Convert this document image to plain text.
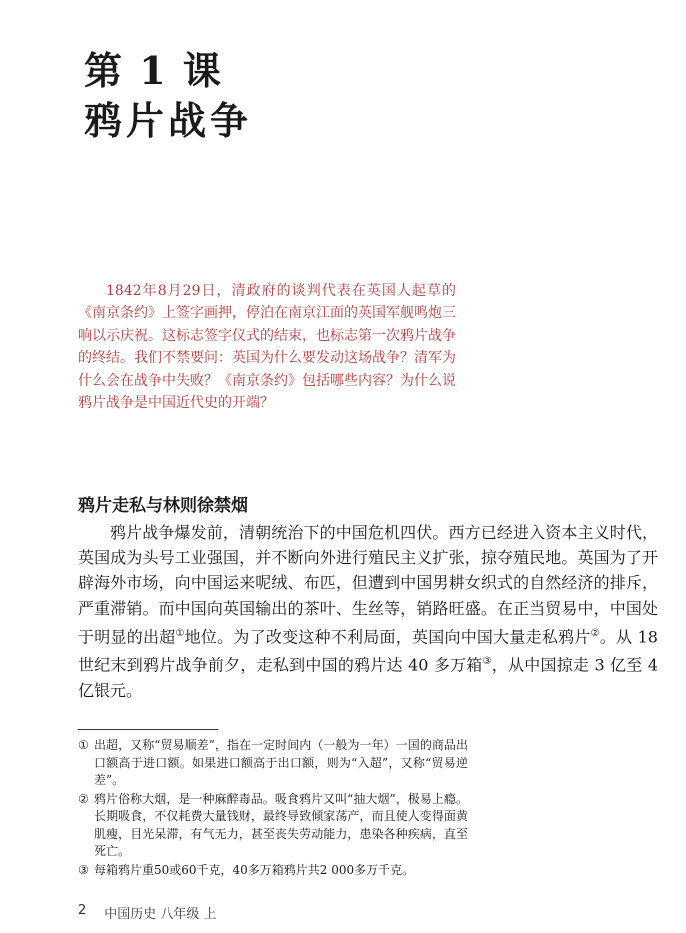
第 1 课
鸦片战争

1842年8月29日，清政府的谈判代表在英国人起草的《南京条约》上签字画押，停泊在南京江面的英国军舰鸣炮三响以示庆祝。这标志签字仪式的结束，也标志第一次鸦片战争的终结。我们不禁要问：英国为什么要发动这场战争？清军为什么会在战争中失败？《南京条约》包括哪些内容？为什么说鸦片战争是中国近代史的开端？

鸦片走私与林则徐禁烟

鸦片战争爆发前，清朝统治下的中国危机四伏。西方已经进入资本主义时代，英国成为头号工业强国，并不断向外进行殖民主义扩张，掠夺殖民地。英国为了开辟海外市场，向中国运来呢绒、布匹，但遭到中国男耕女织式的自然经济的排斥，严重滞销。而中国向英国输出的茶叶、生丝等，销路旺盛。在正当贸易中，中国处于明显的出超①地位。为了改变这种不利局面，英国向中国大量走私鸦片②。从 18 世纪末到鸦片战争前夕，走私到中国的鸦片达 40 多万箱③，从中国掠走 3 亿至 4 亿银元。

① 出超，又称“贸易顺差”，指在一定时间内（一般为一年）一国的商品出口额高于进口额。如果进口额高于出口额，则为“入超”，又称“贸易逆差”。
② 鸦片俗称大烟，是一种麻醉毒品。吸食鸦片又叫“抽大烟”，极易上瘾。长期吸食，不仅耗费大量钱财，最终导致倾家荡产，而且使人变得面黄肌瘦，目光呆滞，有气无力，甚至丧失劳动能力，患染各种疾病，直至死亡。
③ 每箱鸦片重50或60千克，40多万箱鸦片共2 000多万千克。
2 中国历史 八年级 上
